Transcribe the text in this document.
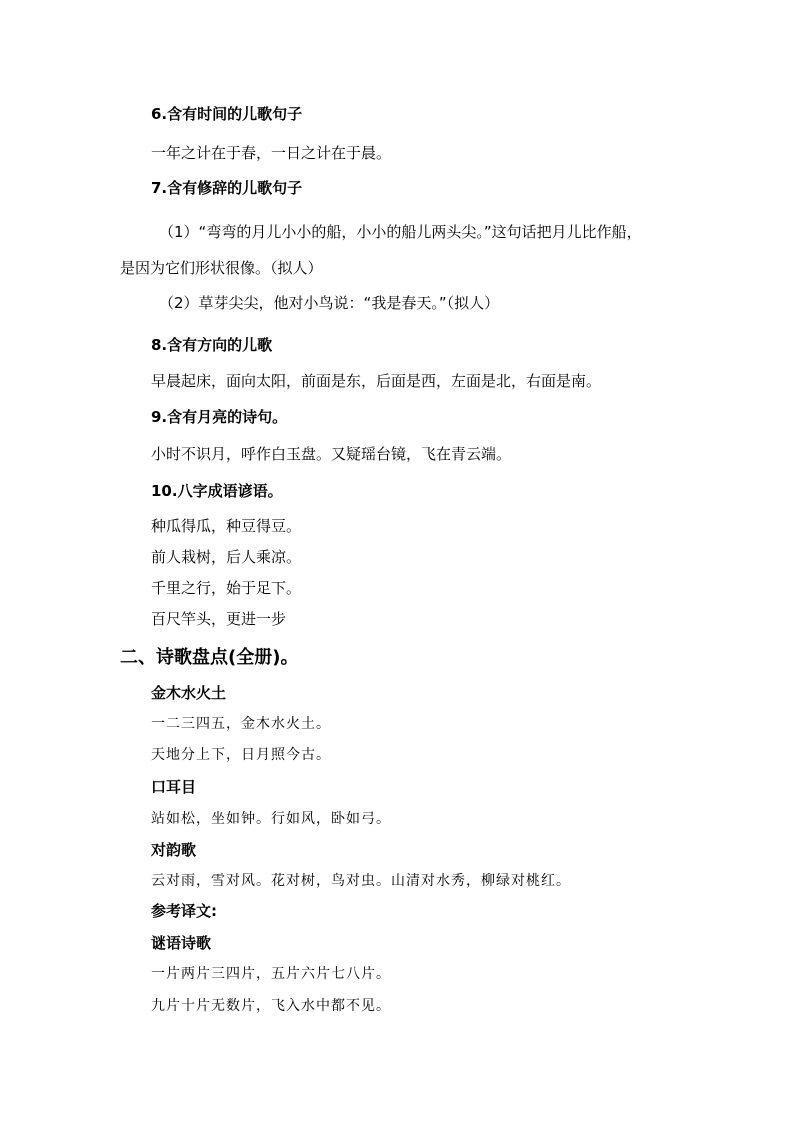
6.含有时间的儿歌句子
一年之计在于春，一日之计在于晨。
7.含有修辞的儿歌句子
（1）“弯弯的月儿小小的船，小小的船儿两头尖。”这句话把月儿比作船，
是因为它们形状很像。（拟人）
（2）草芽尖尖，他对小鸟说：“我是春天。”（拟人）
8.含有方向的儿歌
早晨起床，面向太阳，前面是东，后面是西，左面是北，右面是南。
9.含有月亮的诗句。
小时不识月，呼作白玉盘。又疑瑶台镜，飞在青云端。
10.八字成语谚语。
种瓜得瓜，种豆得豆。
前人栽树，后人乘凉。
千里之行，始于足下。
百尺竿头，更进一步
二、诗歌盘点(全册)。
金木水火土
一二三四五，金木水火土。
天地分上下，日月照今古。
口耳目
站如松，坐如钟。行如风，卧如弓。
对韵歌
云对雨，雪对风。花对树，鸟对虫。山清对水秀，柳绿对桃红。
参考译文:
谜语诗歌
一片两片三四片，五片六片七八片。
九片十片无数片，飞入水中都不见。
